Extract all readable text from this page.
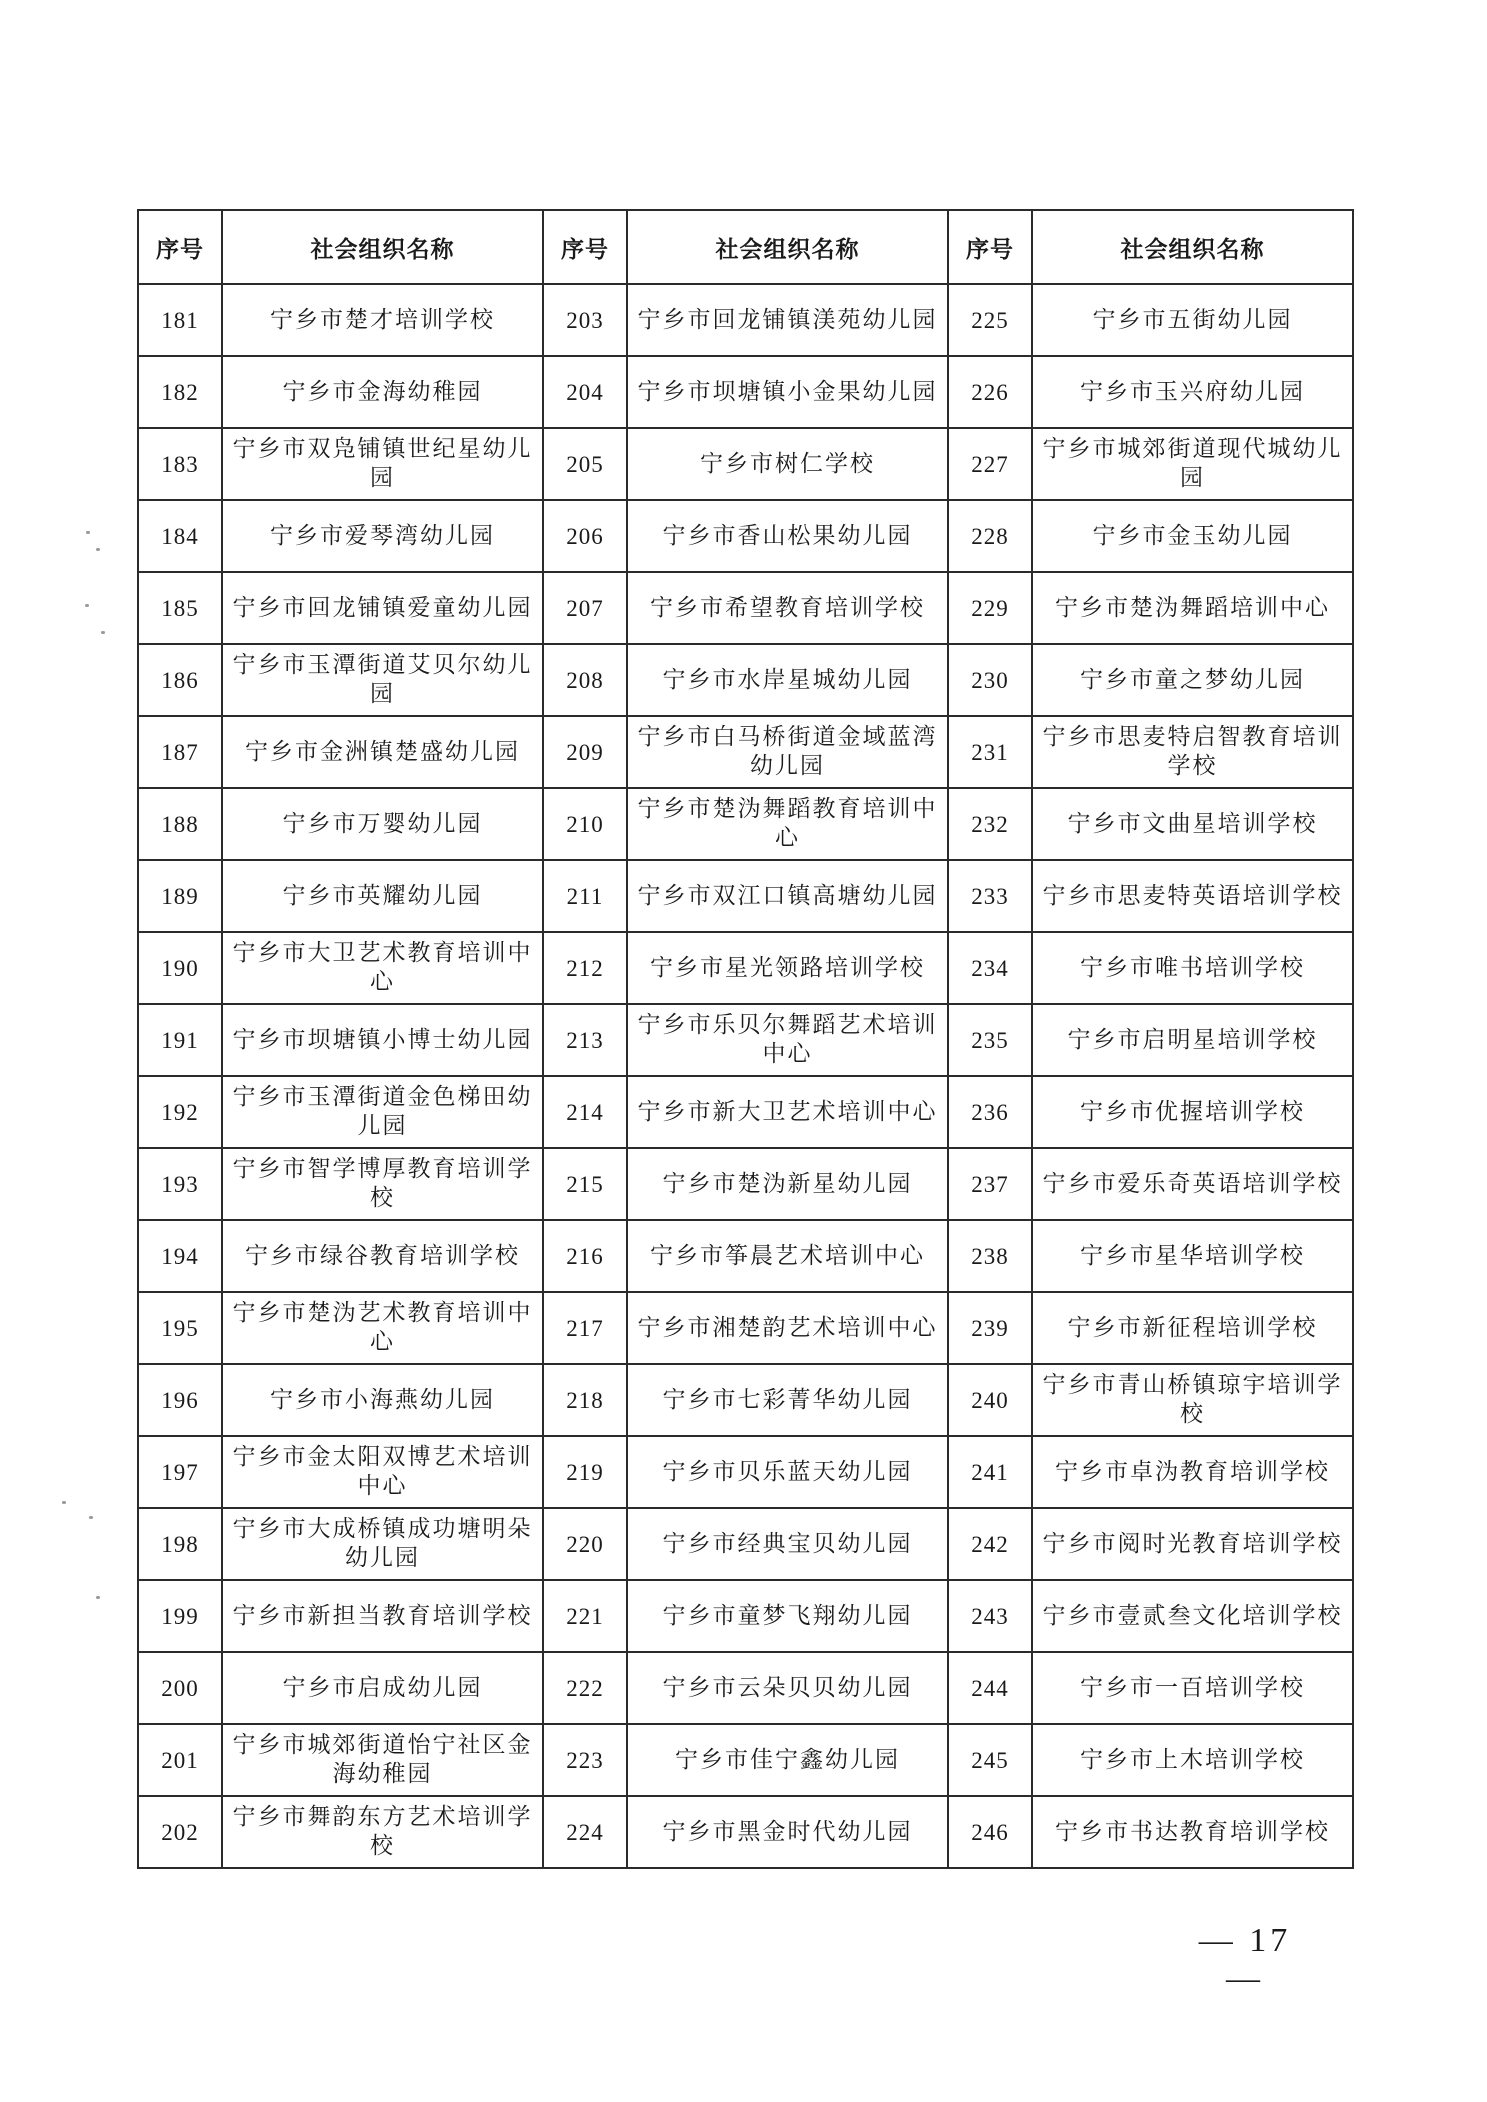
序号	社会组织名称	序号	社会组织名称	序号	社会组织名称
181	宁乡市楚才培训学校	203	宁乡市回龙铺镇渼苑幼儿园	225	宁乡市五街幼儿园
182	宁乡市金海幼稚园	204	宁乡市坝塘镇小金果幼儿园	226	宁乡市玉兴府幼儿园
183	宁乡市双凫铺镇世纪星幼儿园	205	宁乡市树仁学校	227	宁乡市城郊街道现代城幼儿园
184	宁乡市爱琴湾幼儿园	206	宁乡市香山松果幼儿园	228	宁乡市金玉幼儿园
185	宁乡市回龙铺镇爱童幼儿园	207	宁乡市希望教育培训学校	229	宁乡市楚沩舞蹈培训中心
186	宁乡市玉潭街道艾贝尔幼儿园	208	宁乡市水岸星城幼儿园	230	宁乡市童之梦幼儿园
187	宁乡市金洲镇楚盛幼儿园	209	宁乡市白马桥街道金域蓝湾幼儿园	231	宁乡市思麦特启智教育培训学校
188	宁乡市万婴幼儿园	210	宁乡市楚沩舞蹈教育培训中心	232	宁乡市文曲星培训学校
189	宁乡市英耀幼儿园	211	宁乡市双江口镇高塘幼儿园	233	宁乡市思麦特英语培训学校
190	宁乡市大卫艺术教育培训中心	212	宁乡市星光领路培训学校	234	宁乡市唯书培训学校
191	宁乡市坝塘镇小博士幼儿园	213	宁乡市乐贝尔舞蹈艺术培训中心	235	宁乡市启明星培训学校
192	宁乡市玉潭街道金色梯田幼儿园	214	宁乡市新大卫艺术培训中心	236	宁乡市优握培训学校
193	宁乡市智学博厚教育培训学校	215	宁乡市楚沩新星幼儿园	237	宁乡市爱乐奇英语培训学校
194	宁乡市绿谷教育培训学校	216	宁乡市筝晨艺术培训中心	238	宁乡市星华培训学校
195	宁乡市楚沩艺术教育培训中心	217	宁乡市湘楚韵艺术培训中心	239	宁乡市新征程培训学校
196	宁乡市小海燕幼儿园	218	宁乡市七彩菁华幼儿园	240	宁乡市青山桥镇琼宇培训学校
197	宁乡市金太阳双博艺术培训中心	219	宁乡市贝乐蓝天幼儿园	241	宁乡市卓沩教育培训学校
198	宁乡市大成桥镇成功塘明朵幼儿园	220	宁乡市经典宝贝幼儿园	242	宁乡市阅时光教育培训学校
199	宁乡市新担当教育培训学校	221	宁乡市童梦飞翔幼儿园	243	宁乡市壹贰叁文化培训学校
200	宁乡市启成幼儿园	222	宁乡市云朵贝贝幼儿园	244	宁乡市一百培训学校
201	宁乡市城郊街道怡宁社区金海幼稚园	223	宁乡市佳宁鑫幼儿园	245	宁乡市上木培训学校
202	宁乡市舞韵东方艺术培训学校	224	宁乡市黑金时代幼儿园	246	宁乡市书达教育培训学校
— 17 —
